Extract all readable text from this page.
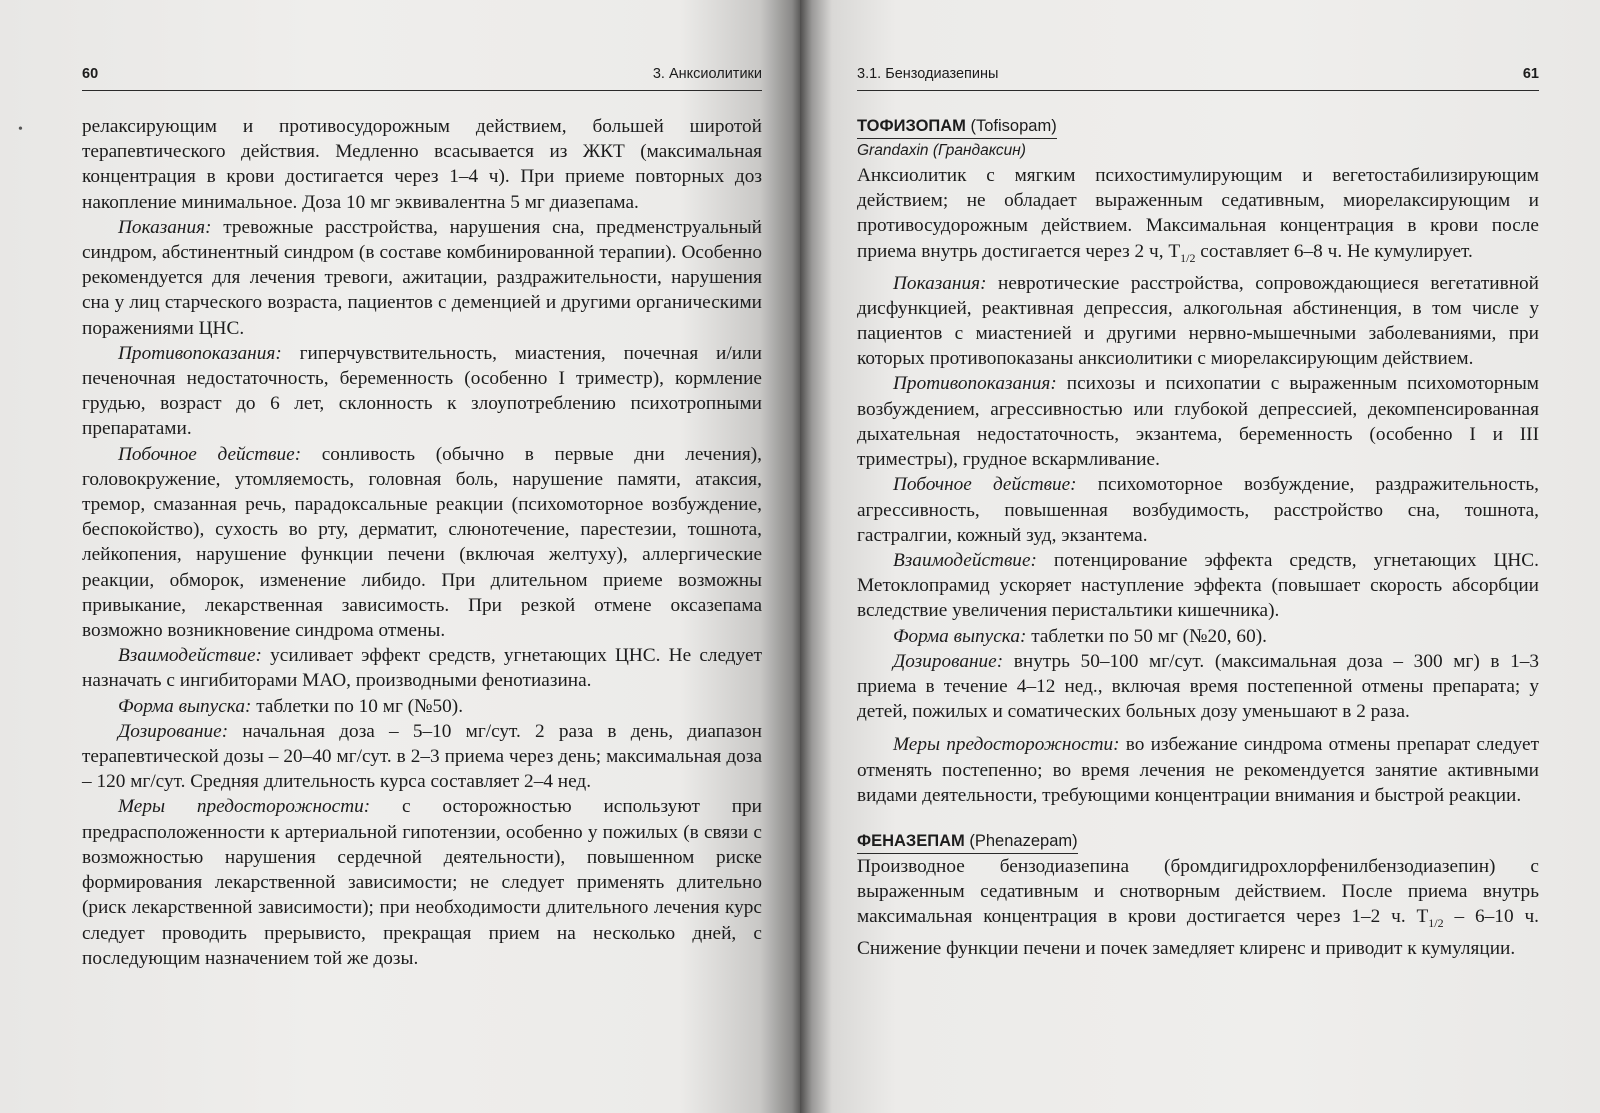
60	3. Анксиолитики
•	релаксирующим и противосудорожным действием, большей широтой терапевтического действия. Медленно всасывается из ЖКТ (максимальная концентрация в крови достигается через 1–4 ч). При приеме повторных доз накопление минимальное. Доза 10 мг эквивалентна 5 мг диазепама.

Показания: тревожные расстройства, нарушения сна, предменструальный синдром, абстинентный синдром (в составе комбинированной терапии). Особенно рекомендуется для лечения тревоги, ажитации, раздражительности, нарушения сна у лиц старческого возраста, пациентов с деменцией и другими органическими поражениями ЦНС.

Противопоказания: гиперчувствительность, миастения, почечная и/или печеночная недостаточность, беременность (особенно I триместр), кормление грудью, возраст до 6 лет, склонность к злоупотреблению психотропными препаратами.

Побочное действие: сонливость (обычно в первые дни лечения), головокружение, утомляемость, головная боль, нарушение памяти, атаксия, тремор, смазанная речь, парадоксальные реакции (психомоторное возбуждение, беспокойство), сухость во рту, дерматит, слюнотечение, парестезии, тошнота, лейкопения, нарушение функции печени (включая желтуху), аллергические реакции, обморок, изменение либидо. При длительном приеме возможны привыкание, лекарственная зависимость. При резкой отмене оксазепама возможно возникновение синдрома отмены.

Взаимодействие: усиливает эффект средств, угнетающих ЦНС. Не следует назначать с ингибиторами МАО, производными фенотиазина.

Форма выпуска: таблетки по 10 мг (№50).

Дозирование: начальная доза – 5–10 мг/сут. 2 раза в день, диапазон терапевтической дозы – 20–40 мг/сут. в 2–3 приема через день; максимальная доза – 120 мг/сут. Средняя длительность курса составляет 2–4 нед.

Меры предосторожности: с осторожностью используют при предрасположенности к артериальной гипотензии, особенно у пожилых (в связи с возможностью нарушения сердечной деятельности), повышенном риске формирования лекарственной зависимости; не следует применять длительно (риск лекарственной зависимости); при необходимости длительного лечения курс следует проводить прерывисто, прекращая прием на несколько дней, с последующим назначением той же дозы.

3.1. Бензодиазепины	61
ТОФИЗОПАМ (Tofisopam)
Grandaxin (Грандаксин)

Анксиолитик с мягким психостимулирующим и вегетостабилизирующим действием; не обладает выраженным седативным, миорелаксирующим и противосудорожным действием. Максимальная концентрация в крови после приема внутрь достигается через 2 ч, $T_{1/2}$ составляет 6–8 ч. Не кумулирует.

Показания: невротические расстройства, сопровождающиеся вегетативной дисфункцией, реактивная депрессия, алкогольная абстиненция, в том числе у пациентов с миастенией и другими нервно-мышечными заболеваниями, при которых противопоказаны анксиолитики с миорелаксирующим действием.

Противопоказания: психозы и психопатии с выраженным психомоторным возбуждением, агрессивностью или глубокой депрессией, декомпенсированная дыхательная недостаточность, экзантема, беременность (особенно I и III триместры), грудное вскармливание.

Побочное действие: психомоторное возбуждение, раздражительность, агрессивность, повышенная возбудимость, расстройство сна, тошнота, гастралгии, кожный зуд, экзантема.

Взаимодействие: потенцирование эффекта средств, угнетающих ЦНС. Метоклопрамид ускоряет наступление эффекта (повышает скорость абсорбции вследствие увеличения перистальтики кишечника).

Форма выпуска: таблетки по 50 мг (№20, 60).

Дозирование: внутрь 50–100 мг/сут. (максимальная доза – 300 мг) в 1–3 приема в течение 4–12 нед., включая время постепенной отмены препарата; у детей, пожилых и соматических больных дозу уменьшают в 2 раза.

Меры предосторожности: во избежание синдрома отмены препарат следует отменять постепенно; во время лечения не рекомендуется занятие активными видами деятельности, требующими концентрации внимания и быстрой реакции.

ФЕНАЗЕПАМ (Phenazepam)

Производное бензодиазепина (бромдигидрохлорфенилбензодиазепин) с выраженным седативным и снотворным действием. После приема внутрь максимальная концентрация в крови достигается через 1–2 ч. $T_{1/2} - 6-10$ ч. Снижение функции печени и почек замедляет клиренс и приводит к кумуляции.
